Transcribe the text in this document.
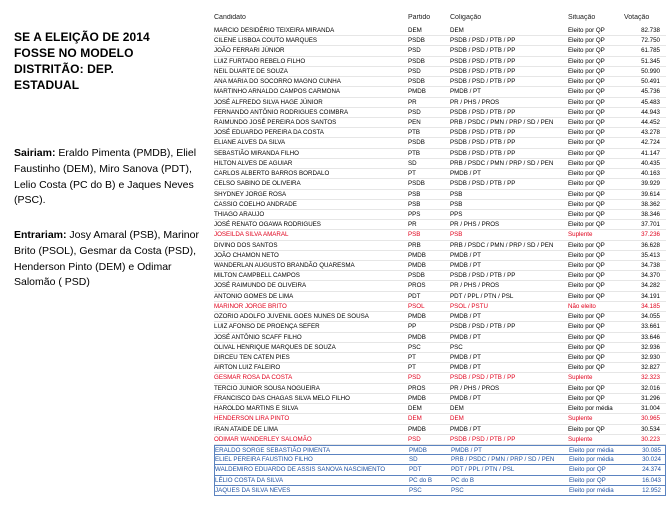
SE A ELEIÇÃO DE 2014
FOSSE NO MODELO
DISTRITÃO: DEP.
ESTADUAL
Sairiam: Eraldo Pimenta (PMDB), Eliel Faustinho (DEM), Miro Sanova (PDT), Lelio Costa (PC do B) e Jaques Neves (PSC).
Entrariam: Josy Amaral (PSB), Marinor Brito (PSOL), Gesmar da Costa (PSD), Henderson Pinto (DEM) e Odimar Salomão ( PSD)
Candidato	Partido	Coligação	Situação	Votação
MARCIO DESIDÉRIO TEIXEIRA MIRANDA	DEM	DEM	Eleito por QP	82.738
CILENE LISBOA COUTO MARQUES	PSDB	PSDB / PSD / PTB / PP	Eleito por QP	72.750
JOÃO FERRARI JÚNIOR	PSD	PSDB / PSD / PTB / PP	Eleito por QP	61.785
LUIZ FURTADO REBELO FILHO	PSDB	PSDB / PSD / PTB / PP	Eleito por QP	51.345
NEIL DUARTE DE SOUZA	PSD	PSDB / PSD / PTB / PP	Eleito por QP	50.990
ANA MARIA DO SOCORRO MAGNO CUNHA	PSDB	PSDB / PSD / PTB / PP	Eleito por QP	50.491
MARTINHO ARNALDO CAMPOS CARMONA	PMDB	PMDB / PT	Eleito por QP	45.736
JOSÉ ALFREDO SILVA HAGE JÚNIOR	PR	PR / PHS / PROS	Eleito por QP	45.483
FERNANDO ANTÔNIO RODRIGUES COIMBRA	PSD	PSDB / PSD / PTB / PP	Eleito por QP	44.943
RAIMUNDO JOSÉ PEREIRA DOS SANTOS	PEN	PRB / PSDC / PMN / PRP / SD / PEN	Eleito por QP	44.452
JOSÉ EDUARDO PEREIRA DA COSTA	PTB	PSDB / PSD / PTB / PP	Eleito por QP	43.278
ELIANE ALVES DA SILVA	PSDB	PSDB / PSD / PTB / PP	Eleito por QP	42.724
SEBASTIÃO MIRANDA FILHO	PTB	PSDB / PSD / PTB / PP	Eleito por QP	41.147
HILTON ALVES DE AGUIAR	SD	PRB / PSDC / PMN / PRP / SD / PEN	Eleito por QP	40.435
CARLOS ALBERTO BARROS BORDALO	PT	PMDB / PT	Eleito por QP	40.163
CELSO SABINO DE OLIVEIRA	PSDB	PSDB / PSD / PTB / PP	Eleito por QP	39.929
SHYDNEY JORGE ROSA	PSB	PSB	Eleito por QP	39.614
CASSIO COELHO ANDRADE	PSB	PSB	Eleito por QP	38.362
THIAGO ARAUJO	PPS	PPS	Eleito por QP	38.346
JOSÉ RENATO OGAWA RODRIGUES	PR	PR / PHS / PROS	Eleito por QP	37.701
JOSEILDA SILVA AMARAL	PSB	PSB	Suplente	37.236
DIVINO DOS SANTOS	PRB	PRB / PSDC / PMN / PRP / SD / PEN	Eleito por QP	36.628
JOÃO CHAMON NETO	PMDB	PMDB / PT	Eleito por QP	35.413
WANDERLAN AUGUSTO BRANDÃO QUARESMA	PMDB	PMDB / PT	Eleito por QP	34.738
MILTON CAMPBELL CAMPOS	PSDB	PSDB / PSD / PTB / PP	Eleito por QP	34.370
JOSÉ RAIMUNDO DE OLIVEIRA	PROS	PR / PHS / PROS	Eleito por QP	34.282
ANTONIO GOMES DE LIMA	PDT	PDT / PPL / PTN / PSL	Eleito por QP	34.191
MARINOR JORGE BRITO	PSOL	PSOL / PSTU	Não eleito	34.185
OZORIO ADOLFO JUVENIL GOES NUNES DE SOUSA	PMDB	PMDB / PT	Eleito por QP	34.055
LUIZ AFONSO DE PROENÇA SEFER	PP	PSDB / PSD / PTB / PP	Eleito por QP	33.661
JOSÉ ANTÔNIO SCAFF FILHO	PMDB	PMDB / PT	Eleito por QP	33.646
OLIVAL HENRIQUE MARQUES DE SOUZA	PSC	PSC	Eleito por QP	32.936
DIRCEU TEN CATEN PIES	PT	PMDB / PT	Eleito por QP	32.930
AIRTON LUIZ FALEIRO	PT	PMDB / PT	Eleito por QP	32.827
GESMAR ROSA DA COSTA	PSD	PSDB / PSD / PTB / PP	Suplente	32.323
TERCIO JUNIOR SOUSA NOGUEIRA	PROS	PR / PHS / PROS	Eleito por QP	32.016
FRANCISCO DAS CHAGAS SILVA MELO FILHO	PMDB	PMDB / PT	Eleito por QP	31.296
HAROLDO MARTINS E SILVA	DEM	DEM	Eleito por média	31.004
HENDERSON LIRA PINTO	DEM	DEM	Suplente	30.965
IRAN ATAIDE DE LIMA	PMDB	PMDB / PT	Eleito por QP	30.534
ODIMAR WANDERLEY SALOMÃO	PSD	PSDB / PSD / PTB / PP	Suplente	30.223
ERALDO SORGE SEBASTIÃO PIMENTA	PMDB	PMDB / PT	Eleito por média	30.085
ELIEL PEREIRA FAUSTINO FILHO	SD	PRB / PSDC / PMN / PRP / SD / PEN	Eleito por média	30.024
WALDEMIRO EDUARDO DE ASSIS SANOVA NASCIMENTO	PDT	PDT / PPL / PTN / PSL	Eleito por QP	24.374
LÉLIO COSTA DA SILVA	PC do B	PC do B	Eleito por QP	16.043
JAQUES DA SILVA NEVES	PSC	PSC	Eleito por média	12.952
